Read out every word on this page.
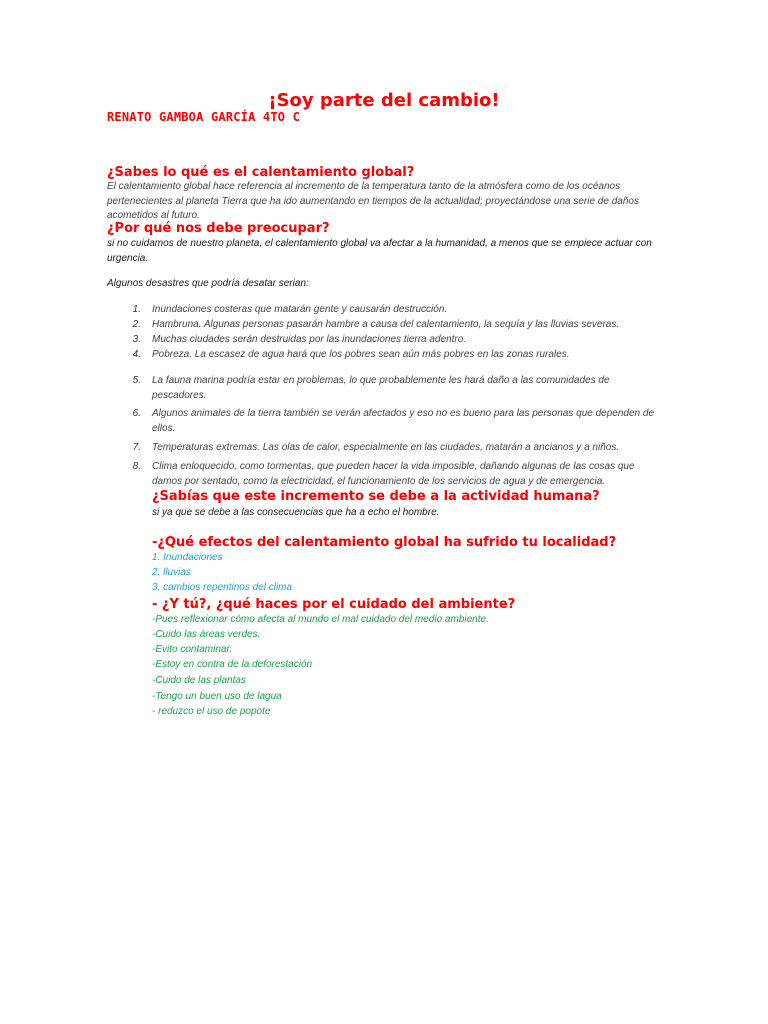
¡Soy parte del cambio!
RENATO GAMBOA GARCÍA 4TO C
¿Sabes lo qué es el calentamiento global?
El calentamiento global hace referencia al incremento de la temperatura tanto de la atmósfera como de los océanos pertenecientes al planeta Tierra que ha ido aumentando en tiempos de la actualidad; proyectándose una serie de daños acometidos al futuro.
¿Por qué nos debe preocupar?
si no cuidamos de nuestro planeta, el calentamiento global va afectar a la humanidad, a menos que se empiece actuar con urgencia.
Algunos desastres que podría desatar serian:
1. Inundaciones costeras que matarán gente y causarán destrucción.
2. Hambruna. Algunas personas pasarán hambre a causa del calentamiento, la sequía y las lluvias severas.
3. Muchas ciudades serán destruidas por las inundaciones tierra adentro.
4. Pobreza. La escasez de agua hará que los pobres sean aún más pobres en las zonas rurales.
5. La fauna marina podría estar en problemas, lo que probablemente les hará daño a las comunidades de pescadores.
6. Algunos animales de la tierra también se verán afectados y eso no es bueno para las personas que dependen de ellos.
7. Temperaturas extremas. Las olas de calor, especialmente en las ciudades, matarán a ancianos y a niños.
8. Clima enloquecido, como tormentas, que pueden hacer la vida imposible, dañando algunas de las cosas que damos por sentado, como la electricidad, el funcionamiento de los servicios de agua y de emergencia.
¿Sabías que este incremento se debe a la actividad humana?
si ya que se debe a las consecuencias que ha a echo el hombre.
-¿Qué efectos del calentamiento global ha sufrido tu localidad?
1. Inundaciones
2. lluvias
3. cambios repentinos del clima
- ¿Y tú?, ¿qué haces por el cuidado del ambiente?
-Pues reflexionar cómo afecta al mundo el mal cuidado del medio ambiente.
-Cuido las áreas verdes.
-Evito contaminar.
-Estoy en contra de la deforestación
-Cuido de las plantas
-Tengo un buen uso de lagua
- reduzco el uso de popote
